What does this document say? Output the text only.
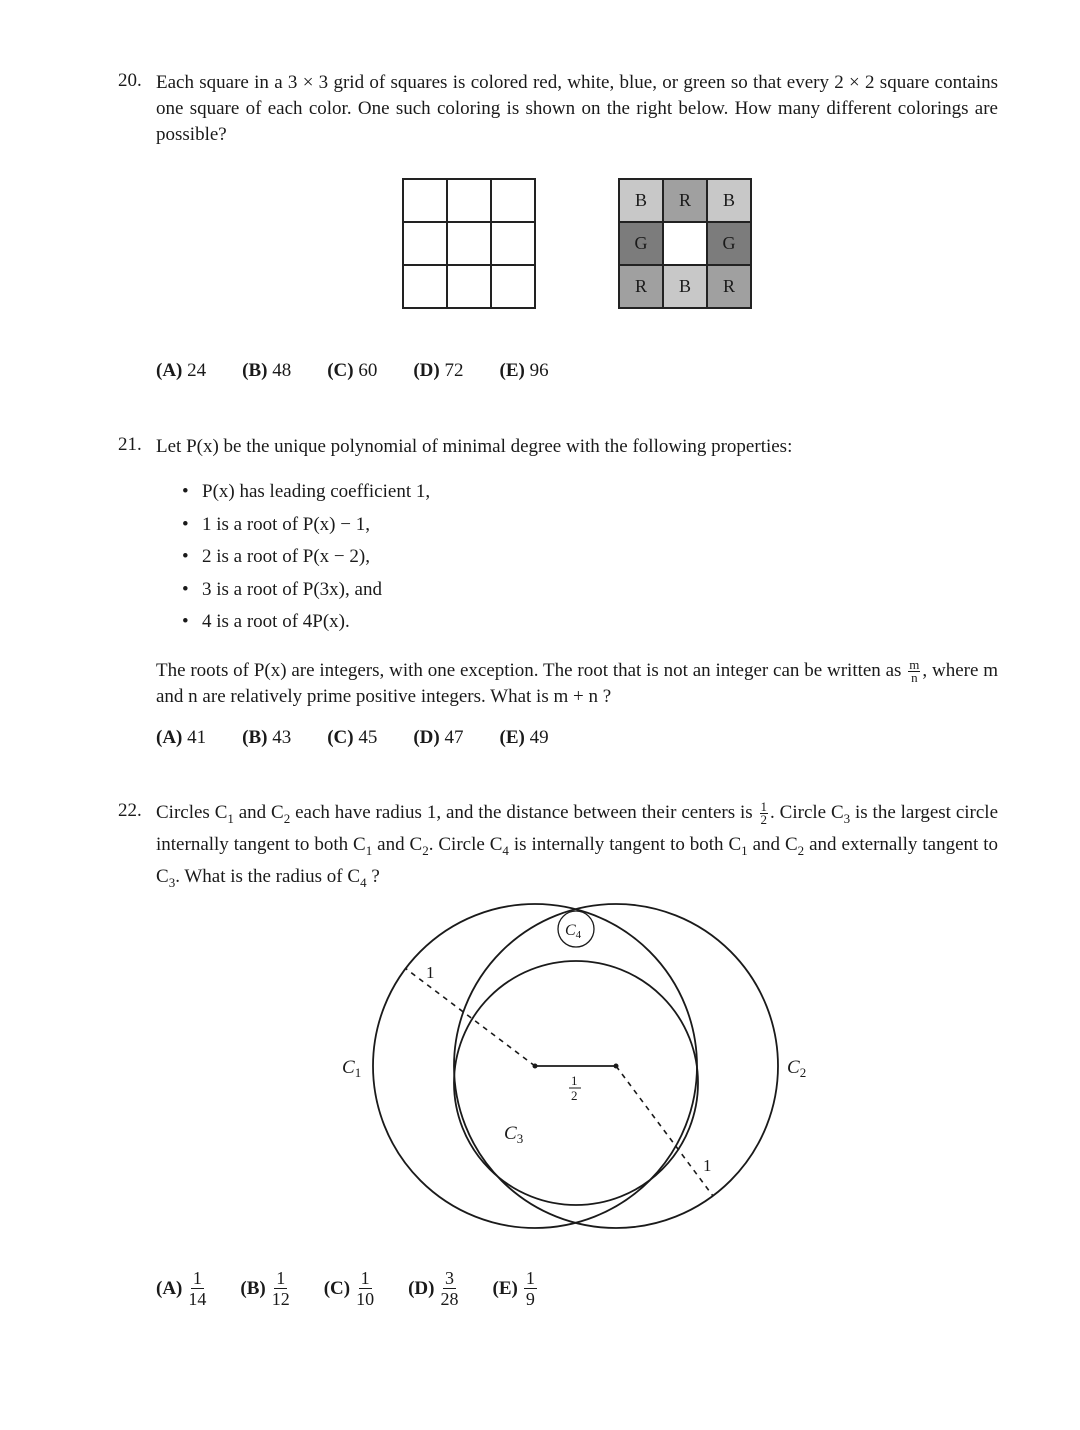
20. Each square in a 3 × 3 grid of squares is colored red, white, blue, or green so that every 2 × 2 square contains one square of each color. One such coloring is shown on the right below. How many different colorings are possible?

B	R	B
G		G
R	B	R
(A) 24 (B) 48 (C) 60 (D) 72 (E) 96
21. Let P(x) be the unique polynomial of minimal degree with the following properties:
• P(x) has leading coefficient 1,
• 1 is a root of P(x) − 1,
• 2 is a root of P(x − 2),
• 3 is a root of P(3x), and
• 4 is a root of 4P(x).
The roots of P(x) are integers, with one exception. The root that is not an integer can be written as $\frac{m}{n}$ , where m and n are relatively prime positive integers. What is m + n ?
(A) 41 (B) 43 (C) 45 (D) 47 (E) 49
22. Circles $C_1$ and $C_2$ each have radius 1, and the distance between their centers is $\frac{1}{2}$ . Circle $C_3$ is the largest circle internally tangent to both $C_1$ and $C_2$. Circle $C_4$ is internally tangent to both $C_1$ and $C_2$ and externally tangent to $C_3$. What is the radius of $C_4$ ?
1
1
$C_1$	$C_2$
$C_3$
C4
1
2
$(A) \frac{1}{14} (B) \frac{1}{12} (C) \frac{1}{10} (D) \frac{3}{28} (E) \frac{1}{9}$
